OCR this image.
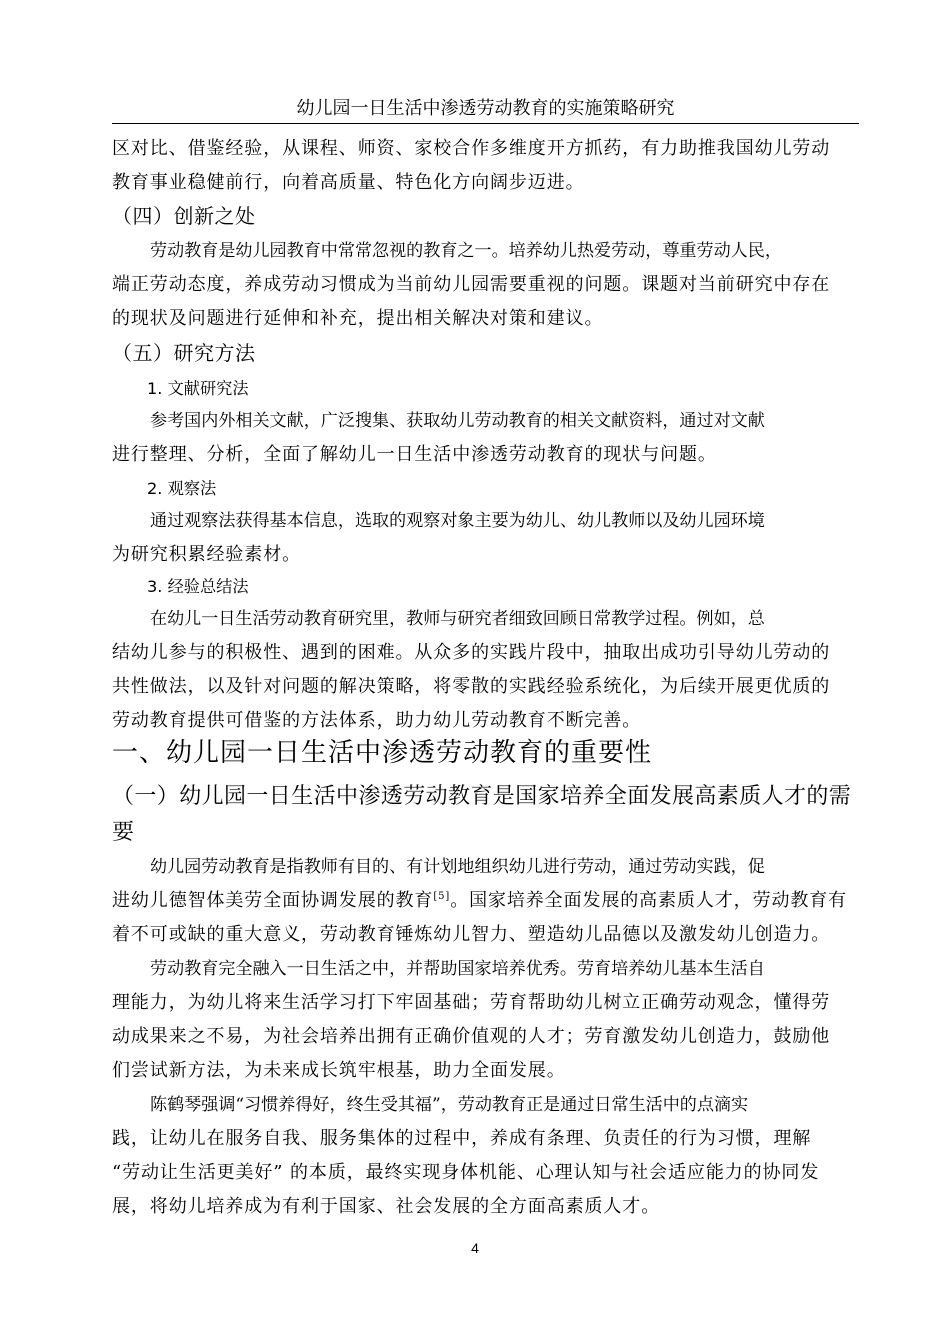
幼儿园一日生活中渗透劳动教育的实施策略研究
区对比、借鉴经验，从课程、师资、家校合作多维度开方抓药，有力助推我国幼儿劳动
教育事业稳健前行，向着高质量、特色化方向阔步迈进。
（四）创新之处
劳动教育是幼儿园教育中常常忽视的教育之一。培养幼儿热爱劳动，尊重劳动人民，
端正劳动态度，养成劳动习惯成为当前幼儿园需要重视的问题。课题对当前研究中存在
的现状及问题进行延伸和补充，提出相关解决对策和建议。
（五）研究方法
1. 文献研究法
参考国内外相关文献，广泛搜集、获取幼儿劳动教育的相关文献资料，通过对文献
进行整理、分析，全面了解幼儿一日生活中渗透劳动教育的现状与问题。
2. 观察法
通过观察法获得基本信息，选取的观察对象主要为幼儿、幼儿教师以及幼儿园环境
为研究积累经验素材。
3. 经验总结法
在幼儿一日生活劳动教育研究里，教师与研究者细致回顾日常教学过程。例如，总
结幼儿参与的积极性、遇到的困难。从众多的实践片段中，抽取出成功引导幼儿劳动的
共性做法，以及针对问题的解决策略，将零散的实践经验系统化，为后续开展更优质的
劳动教育提供可借鉴的方法体系，助力幼儿劳动教育不断完善。
一、幼儿园一日生活中渗透劳动教育的重要性
（一）幼儿园一日生活中渗透劳动教育是国家培养全面发展高素质人才的需
要
幼儿园劳动教育是指教师有目的、有计划地组织幼儿进行劳动，通过劳动实践，促
进幼儿德智体美劳全面协调发展的教育[5]。国家培养全面发展的高素质人才，劳动教育有
着不可或缺的重大意义，劳动教育锤炼幼儿智力、塑造幼儿品德以及激发幼儿创造力。
劳动教育完全融入一日生活之中，并帮助国家培养优秀。劳育培养幼儿基本生活自
理能力，为幼儿将来生活学习打下牢固基础；劳育帮助幼儿树立正确劳动观念，懂得劳
动成果来之不易，为社会培养出拥有正确价值观的人才；劳育激发幼儿创造力，鼓励他
们尝试新方法，为未来成长筑牢根基，助力全面发展。
陈鹤琴强调“习惯养得好，终生受其福”，劳动教育正是通过日常生活中的点滴实
践，让幼儿在服务自我、服务集体的过程中，养成有条理、负责任的行为习惯，理解
“劳动让生活更美好” 的本质，最终实现身体机能、心理认知与社会适应能力的协同发
展，将幼儿培养成为有利于国家、社会发展的全方面高素质人才。
4
